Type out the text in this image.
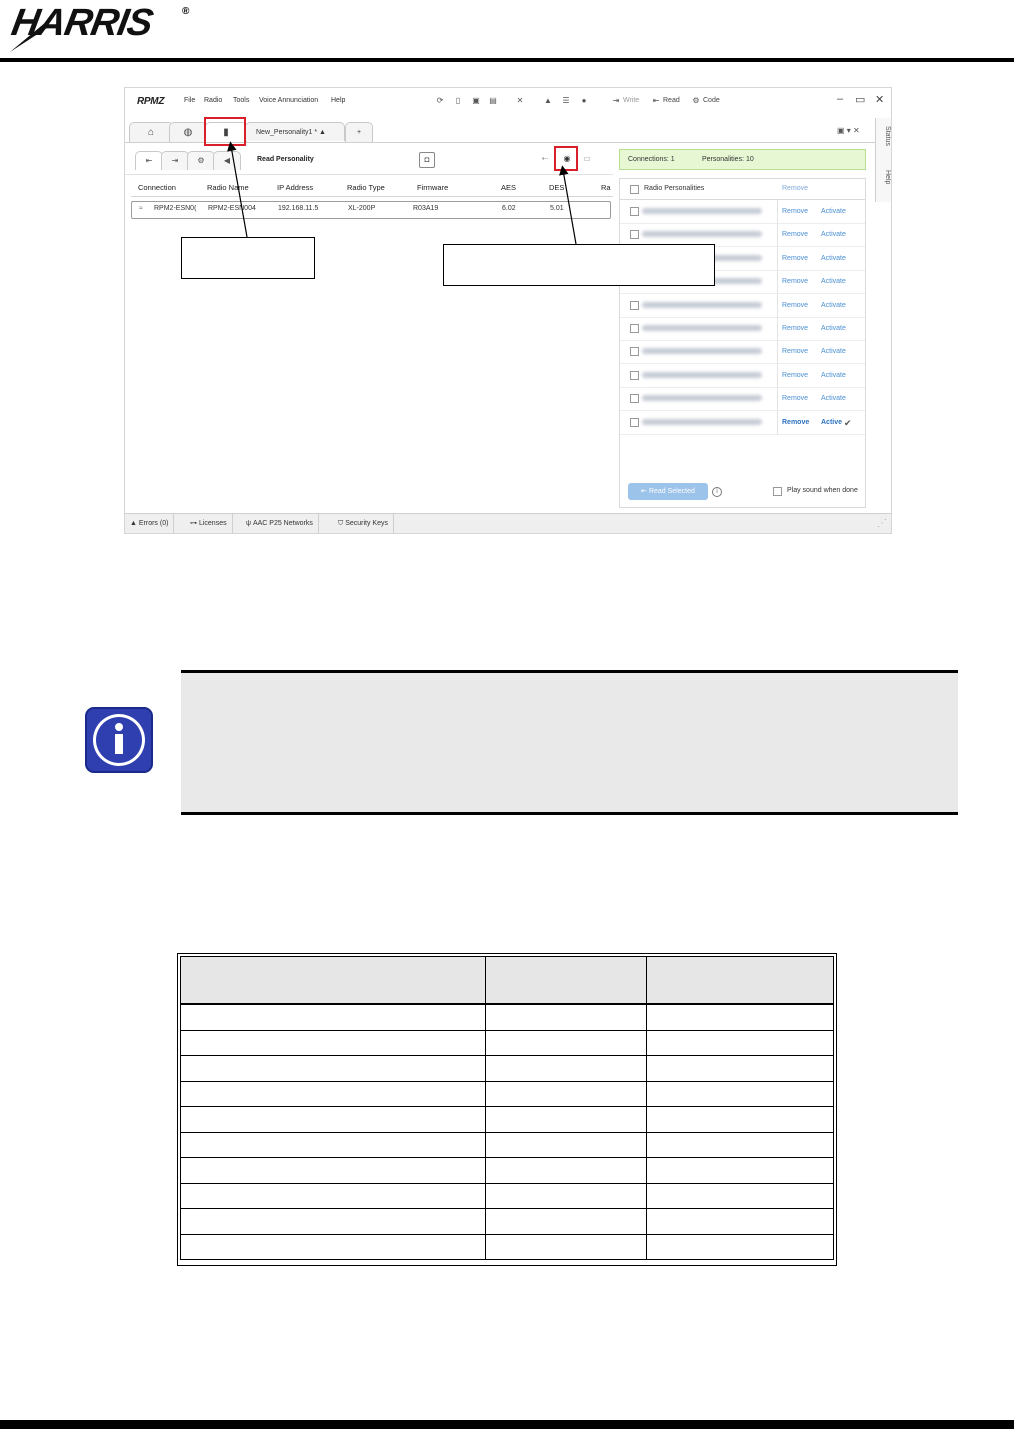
HARRIS	®
RPMZ	File Radio Tools Voice Annunciation Help	⟳	▯	▣ ▤ ✕	▲ ☰	●	⇥ Write ⇤ Read ⚙ Code	– ▭ ✕
⌂	◍	▮	New_Personality1 * ▲	+	▣ ▾ ✕
⇤	⇥	⚙	◀	Read Personality	◘	⇠	◉	▭
Connection	Radio Name	IP Address	Radio Type	Firmware	AES	DES	Ra
≈ RPM2-ESN0(	RPM2-ESN004	192.168.11.5	XL-200P	R03A19	6.02	5.01
Connections: 1	Personalities: 10
Radio Personalities	Remove
Remove Activate
Remove Activate
Remove Activate
Remove Activate
Remove Activate
Remove Activate
Remove Activate
Remove Activate
Remove Activate
Remove Active ✔
⇤ Read Selected	i	Play sound when done
Status
Help
▲ Errors (0)	⊶ Licenses	ψ AAC P25 Networks	⛉ Security Keys	⋰
